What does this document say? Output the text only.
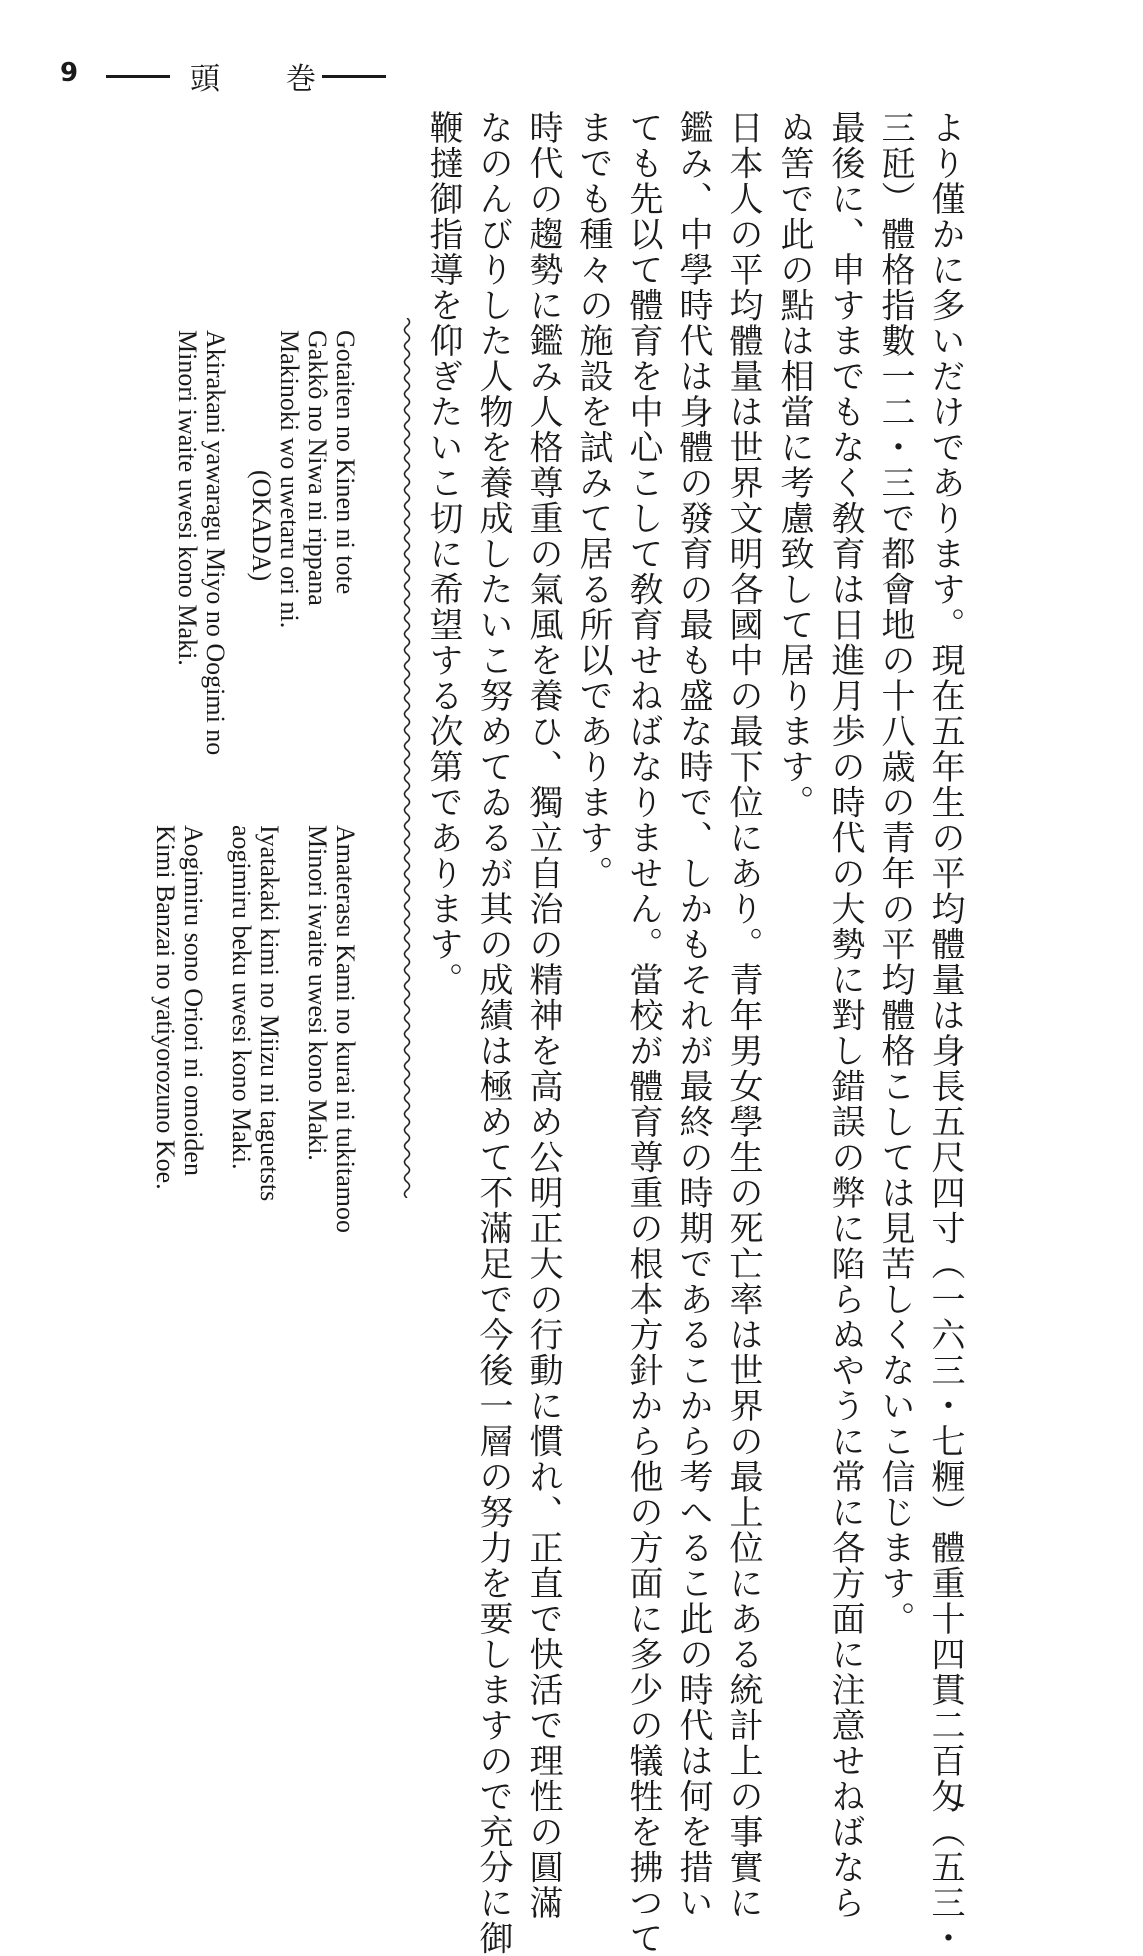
9	頭 巻
より僅かに多いだけであります。現在五年生の平均體量は身長五尺四寸（一六三・七糎）體重十四貫二百匁（五三・
三瓩）體格指數一二・三で都會地の十八歳の青年の平均體格こしては見苦しくないこ信じます。
最後に、申すまでもなく敎育は日進月歩の時代の大勢に對し錯誤の弊に陷らぬやうに常に各方面に注意せねばなら
ぬ筈で此の點は相當に考慮致して居ります。
日本人の平均體量は世界文明各國中の最下位にあり。青年男女學生の死亡率は世界の最上位にある統計上の事實に
鑑み、中學時代は身體の發育の最も盛な時で、しかもそれが最終の時期であるこから考へるこ此の時代は何を措い
ても先以て體育を中心こして敎育せねばなりません。當校が體育尊重の根本方針から他の方面に多少の犠牲を拂つて
までも種々の施設を試みて居る所以であります。
時代の趨勢に鑑み人格尊重の氣風を養ひ、獨立自治の精神を高め公明正大の行動に慣れ、正直で快活で理性の圓滿
なのんびりした人物を養成したいこ努めてゐるが其の成績は極めて不滿足で今後一層の努力を要しますので充分に御
鞭撻御指導を仰ぎたいこ切に希望する次第であります。
Amaterasu Kami no kurai ni tukitamoo
Minori iwaite uwesi kono Maki.
Iyatakaki kimi no Miizu ni taguetsts
aogimiru beku uwesi kono Maki.
Aogimiru sono Oriori ni omoiden
Kimi Banzai no yatiyorozuno Koe.
Gotaiten no Kinen ni tote
Gakkô no Niwa ni rippana
Makinoki wo uwetaru ori ni.
(OKADA)
Akirakani yawaragu Miyo no Oogimi no
Minori iwaite uwesi kono Maki.
